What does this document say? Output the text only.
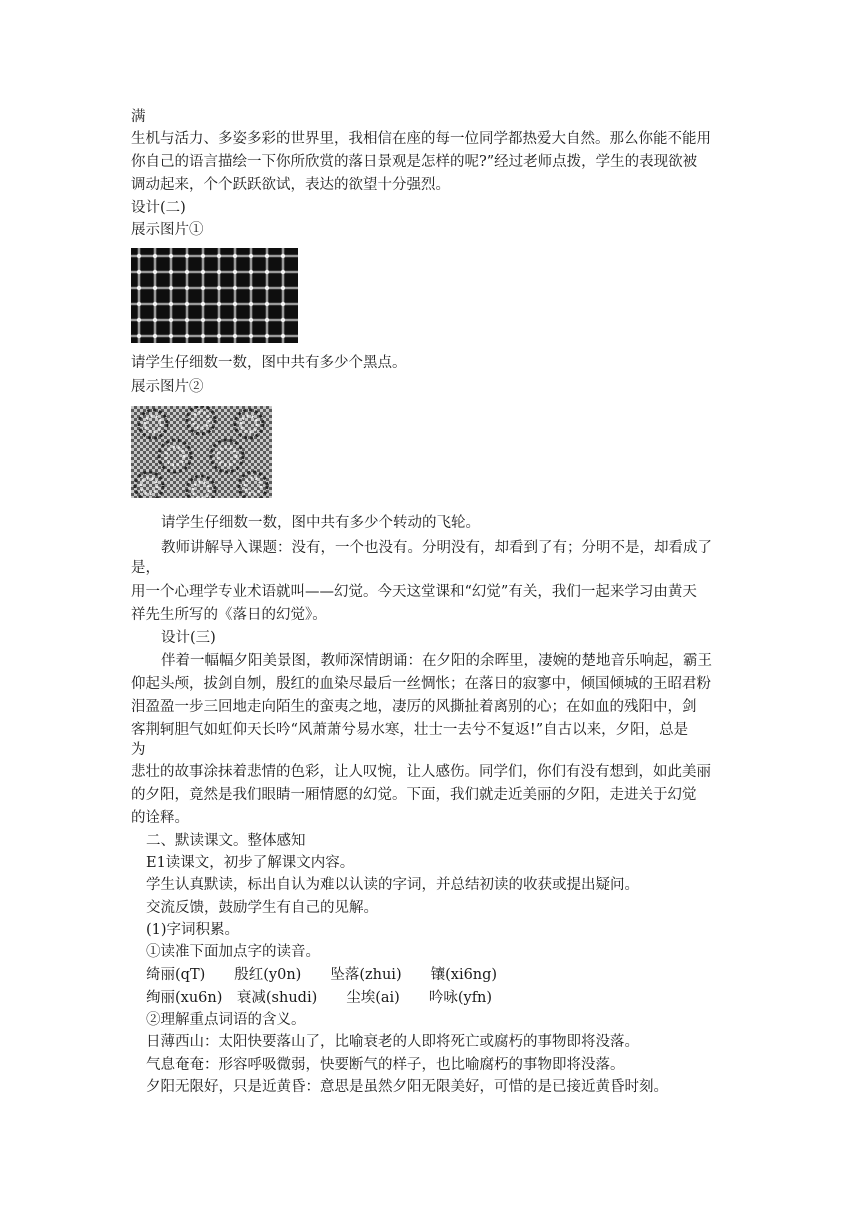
满
生机与活力、多姿多彩的世界里，我相信在座的每一位同学都热爱大自然。那么你能不能用
你自己的语言描绘一下你所欣赏的落日景观是怎样的呢?”经过老师点拨，学生的表现欲被
调动起来，个个跃跃欲试，表达的欲望十分强烈。
设计(二)
展示图片①
请学生仔细数一数，图中共有多少个黑点。
展示图片②
请学生仔细数一数，图中共有多少个转动的飞轮。
教师讲解导入课题：没有，一个也没有。分明没有，却看到了有；分明不是，却看成了
是，
用一个心理学专业术语就叫——幻觉。今天这堂课和“幻觉”有关，我们一起来学习由黄天
祥先生所写的《落日的幻觉》。
设计(三)
伴着一幅幅夕阳美景图，教师深情朗诵：在夕阳的余晖里，凄婉的楚地音乐响起，霸王
仰起头颅，拔剑自刎，殷红的血染尽最后一丝惆怅；在落日的寂寥中，倾国倾城的王昭君粉
泪盈盈一步三回地走向陌生的蛮夷之地，凄厉的风撕扯着离别的心；在如血的残阳中，剑
客荆轲胆气如虹仰天长吟“风萧萧兮易水寒，壮士一去兮不复返!”自古以来，夕阳，总是
为
悲壮的故事涂抹着悲情的色彩，让人叹惋，让人感伤。同学们，你们有没有想到，如此美丽
的夕阳，竟然是我们眼睛一厢情愿的幻觉。下面，我们就走近美丽的夕阳，走进关于幻觉
的诠释。
二、默读课文。整体感知
E1读课文，初步了解课文内容。
学生认真默读，标出自认为难以认读的字词，并总结初读的收获或提出疑问。
交流反馈，鼓励学生有自己的见解。
(1)字词积累。
①读准下面加点字的读音。
绮丽(qT)　　殷红(y0n)　　坠落(zhui)　　镶(xi6ng)
绚丽(xu6n)　衰减(shudi)　　尘埃(ai)　　吟咏(yfn)
②理解重点词语的含义。
日薄西山：太阳快要落山了，比喻衰老的人即将死亡或腐朽的事物即将没落。
气息奄奄：形容呼吸微弱，快要断气的样子，也比喻腐朽的事物即将没落。
夕阳无限好，只是近黄昏：意思是虽然夕阳无限美好，可惜的是已接近黄昏时刻。
